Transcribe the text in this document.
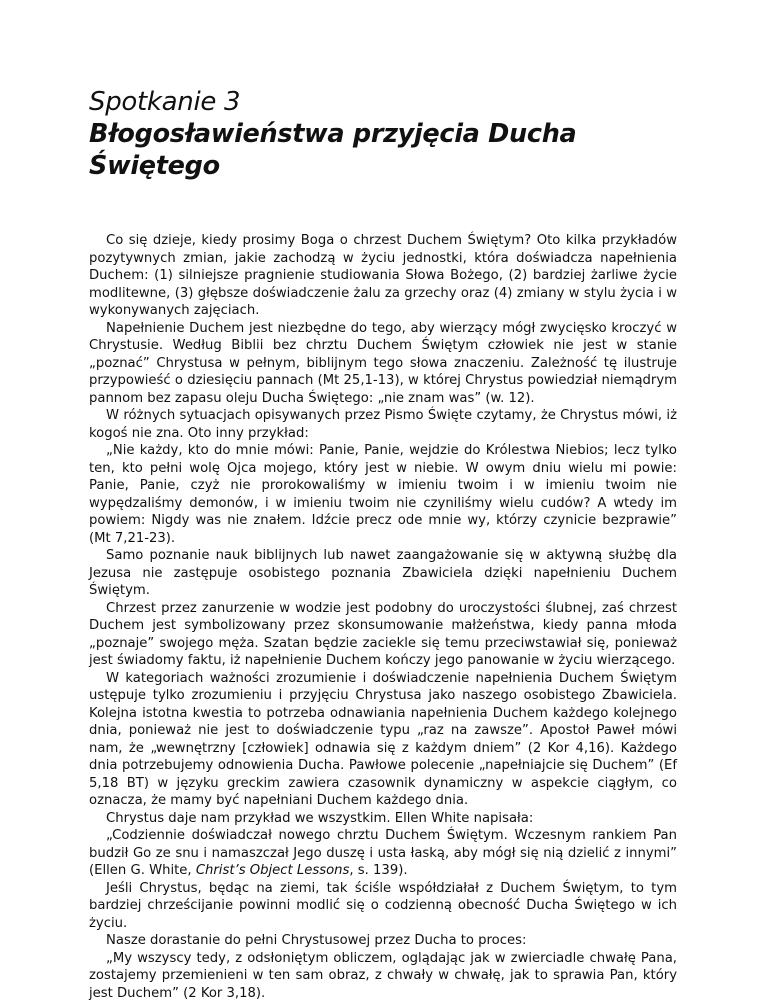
Spotkanie 3
Błogosławieństwa przyjęcia Ducha
Świętego

Co się dzieje, kiedy prosimy Boga o chrzest Duchem Świętym? Oto kilka przykładów pozytywnych zmian, jakie zachodzą w życiu jednostki, która doświadcza napełnienia Duchem: (1) silniejsze pragnienie studiowania Słowa Bożego, (2) bardziej żarliwe życie modlitewne, (3) głębsze doświadczenie żalu za grzechy oraz (4) zmiany w stylu życia i w wykonywanych zajęciach.

Napełnienie Duchem jest niezbędne do tego, aby wierzący mógł zwycięsko kroczyć w Chrystusie. Według Biblii bez chrztu Duchem Świętym człowiek nie jest w stanie „poznać” Chrystusa w pełnym, biblijnym tego słowa znaczeniu. Zależność tę ilustruje przypowieść o dziesięciu pannach (Mt 25,1-13), w której Chrystus powiedział niemądrym pannom bez zapasu oleju Ducha Świętego: „nie znam was” (w. 12).

W różnych sytuacjach opisywanych przez Pismo Święte czytamy, że Chrystus mówi, iż kogoś nie zna. Oto inny przykład:

„Nie każdy, kto do mnie mówi: Panie, Panie, wejdzie do Królestwa Niebios; lecz tylko ten, kto pełni wolę Ojca mojego, który jest w niebie. W owym dniu wielu mi powie: Panie, Panie, czyż nie prorokowaliśmy w imieniu twoim i w imieniu twoim nie wypędzaliśmy demonów, i w imieniu twoim nie czyniliśmy wielu cudów? A wtedy im powiem: Nigdy was nie znałem. Idźcie precz ode mnie wy, którzy czynicie bezprawie” (Mt 7,21-23).

Samo poznanie nauk biblijnych lub nawet zaangażowanie się w aktywną służbę dla Jezusa nie zastępuje osobistego poznania Zbawiciela dzięki napełnieniu Duchem Świętym.

Chrzest przez zanurzenie w wodzie jest podobny do uroczystości ślubnej, zaś chrzest Duchem jest symbolizowany przez skonsumowanie małżeństwa, kiedy panna młoda „poznaje” swojego męża. Szatan będzie zaciekle się temu przeciwstawiał się, ponieważ jest świadomy faktu, iż napełnienie Duchem kończy jego panowanie w życiu wierzącego.

W kategoriach ważności zrozumienie i doświadczenie napełnienia Duchem Świętym ustępuje tylko zrozumieniu i przyjęciu Chrystusa jako naszego osobistego Zbawiciela. Kolejna istotna kwestia to potrzeba odnawiania napełnienia Duchem każdego kolejnego dnia, ponieważ nie jest to doświadczenie typu „raz na zawsze”. Apostoł Paweł mówi nam, że „wewnętrzny [człowiek] odnawia się z każdym dniem” (2 Kor 4,16). Każdego dnia potrzebujemy odnowienia Ducha. Pawłowe polecenie „napełniajcie się Duchem” (Ef 5,18 BT) w języku greckim zawiera czasownik dynamiczny w aspekcie ciągłym, co oznacza, że mamy być napełniani Duchem każdego dnia.

Chrystus daje nam przykład we wszystkim. Ellen White napisała:

„Codziennie doświadczał nowego chrztu Duchem Świętym. Wczesnym rankiem Pan budził Go ze snu i namaszczał Jego duszę i usta łaską, aby mógł się nią dzielić z innymi” (Ellen G. White, Christ’s Object Lessons, s. 139).

Jeśli Chrystus, będąc na ziemi, tak ściśle współdziałał z Duchem Świętym, to tym bardziej chrześcijanie powinni modlić się o codzienną obecność Ducha Świętego w ich życiu.

Nasze dorastanie do pełni Chrystusowej przez Ducha to proces:

„My wszyscy tedy, z odsłoniętym obliczem, oglądając jak w zwierciadle chwałę Pana, zostajemy przemienieni w ten sam obraz, z chwały w chwałę, jak to sprawia Pan, który jest Duchem” (2 Kor 3,18).
